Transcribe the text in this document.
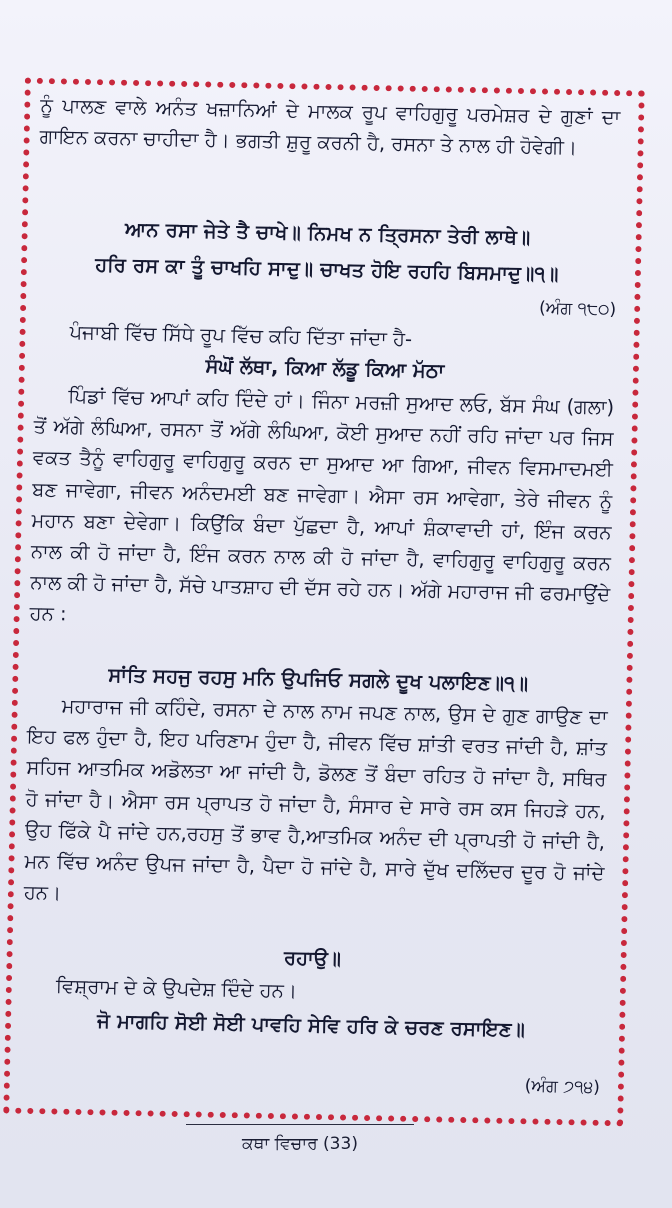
ਨੂੰ ਪਾਲਣ ਵਾਲੇ ਅਨੰਤ ਖਜ਼ਾਨਿਆਂ ਦੇ ਮਾਲਕ ਰੂਪ ਵਾਹਿਗੁਰੂ ਪਰਮੇਸ਼ਰ ਦੇ ਗੁਣਾਂ ਦਾ ਗਾਇਨ ਕਰਨਾ ਚਾਹੀਦਾ ਹੈ। ਭਗਤੀ ਸ਼ੁਰੂ ਕਰਨੀ ਹੈ, ਰਸਨਾ ਤੇ ਨਾਲ ਹੀ ਹੋਵੇਗੀ।

ਆਨ ਰਸਾ ਜੇਤੇ ਤੈ ਚਾਖੇ॥ ਨਿਮਖ ਨ ਤ੍ਰਿਸਨਾ ਤੇਰੀ ਲਾਥੇ॥

ਹਰਿ ਰਸ ਕਾ ਤੂੰ ਚਾਖਹਿ ਸਾਦੁ॥ ਚਾਖਤ ਹੋਇ ਰਹਹਿ ਬਿਸਮਾਦੁ॥੧॥

(ਅੰਗ ੧੮੦)

ਪੰਜਾਬੀ ਵਿੱਚ ਸਿੱਧੇ ਰੂਪ ਵਿੱਚ ਕਹਿ ਦਿੱਤਾ ਜਾਂਦਾ ਹੈ-

ਸੰਘੋਂ ਲੱਥਾ, ਕਿਆ ਲੱਡੂ ਕਿਆ ਮੱਠਾ

ਪਿੰਡਾਂ ਵਿੱਚ ਆਪਾਂ ਕਹਿ ਦਿੰਦੇ ਹਾਂ। ਜਿੰਨਾ ਮਰਜ਼ੀ ਸੁਆਦ ਲਓ, ਬੱਸ ਸੰਘ (ਗਲਾ) ਤੋਂ ਅੱਗੇ ਲੰਘਿਆ, ਰਸਨਾ ਤੋਂ ਅੱਗੇ ਲੰਘਿਆ, ਕੋਈ ਸੁਆਦ ਨਹੀਂ ਰਹਿ ਜਾਂਦਾ ਪਰ ਜਿਸ ਵਕਤ ਤੈਨੂੰ ਵਾਹਿਗੁਰੂ ਵਾਹਿਗੁਰੂ ਕਰਨ ਦਾ ਸੁਆਦ ਆ ਗਿਆ, ਜੀਵਨ ਵਿਸਮਾਦਮਈ ਬਣ ਜਾਵੇਗਾ, ਜੀਵਨ ਅਨੰਦਮਈ ਬਣ ਜਾਵੇਗਾ। ਐਸਾ ਰਸ ਆਵੇਗਾ, ਤੇਰੇ ਜੀਵਨ ਨੂੰ ਮਹਾਨ ਬਣਾ ਦੇਵੇਗਾ। ਕਿਉਂਕਿ ਬੰਦਾ ਪੁੱਛਦਾ ਹੈ, ਆਪਾਂ ਸ਼ੰਕਾਵਾਦੀ ਹਾਂ, ਇੰਜ ਕਰਨ ਨਾਲ ਕੀ ਹੋ ਜਾਂਦਾ ਹੈ, ਇੰਜ ਕਰਨ ਨਾਲ ਕੀ ਹੋ ਜਾਂਦਾ ਹੈ, ਵਾਹਿਗੁਰੂ ਵਾਹਿਗੁਰੂ ਕਰਨ ਨਾਲ ਕੀ ਹੋ ਜਾਂਦਾ ਹੈ, ਸੱਚੇ ਪਾਤਸ਼ਾਹ ਦੀ ਦੱਸ ਰਹੇ ਹਨ। ਅੱਗੇ ਮਹਾਰਾਜ ਜੀ ਫਰਮਾਉਂਦੇ ਹਨ :

ਸਾਂਤਿ ਸਹਜੁ ਰਹਸੁ ਮਨਿ ਉਪਜਿਓ ਸਗਲੇ ਦੂਖ ਪਲਾਇਣ॥੧॥

ਮਹਾਰਾਜ ਜੀ ਕਹਿੰਦੇ, ਰਸਨਾ ਦੇ ਨਾਲ ਨਾਮ ਜਪਣ ਨਾਲ, ਉਸ ਦੇ ਗੁਣ ਗਾਉਣ ਦਾ ਇਹ ਫਲ ਹੁੰਦਾ ਹੈ, ਇਹ ਪਰਿਣਾਮ ਹੁੰਦਾ ਹੈ, ਜੀਵਨ ਵਿੱਚ ਸ਼ਾਂਤੀ ਵਰਤ ਜਾਂਦੀ ਹੈ, ਸ਼ਾਂਤ ਸਹਿਜ ਆਤਮਿਕ ਅਡੋਲਤਾ ਆ ਜਾਂਦੀ ਹੈ, ਡੋਲਣ ਤੋਂ ਬੰਦਾ ਰਹਿਤ ਹੋ ਜਾਂਦਾ ਹੈ, ਸਥਿਰ ਹੋ ਜਾਂਦਾ ਹੈ। ਐਸਾ ਰਸ ਪ੍ਰਾਪਤ ਹੋ ਜਾਂਦਾ ਹੈ, ਸੰਸਾਰ ਦੇ ਸਾਰੇ ਰਸ ਕਸ ਜਿਹੜੇ ਹਨ, ਉਹ ਫਿੱਕੇ ਪੈ ਜਾਂਦੇ ਹਨ,ਰਹਸੁ ਤੋਂ ਭਾਵ ਹੈ,ਆਤਮਿਕ ਅਨੰਦ ਦੀ ਪ੍ਰਾਪਤੀ ਹੋ ਜਾਂਦੀ ਹੈ, ਮਨ ਵਿੱਚ ਅਨੰਦ ਉਪਜ ਜਾਂਦਾ ਹੈ, ਪੈਦਾ ਹੋ ਜਾਂਦੇ ਹੈ, ਸਾਰੇ ਦੁੱਖ ਦਲਿੱਦਰ ਦੂਰ ਹੋ ਜਾਂਦੇ ਹਨ।

ਰਹਾਉ॥

ਵਿਸ਼੍ਰਾਮ ਦੇ ਕੇ ਉਪਦੇਸ਼ ਦਿੰਦੇ ਹਨ।

ਜੋ ਮਾਗਹਿ ਸੋਈ ਸੋਈ ਪਾਵਹਿ ਸੇਵਿ ਹਰਿ ਕੇ ਚਰਣ ਰਸਾਇਣ॥

(ਅੰਗ ੭੧੪)

ਕਥਾ ਵਿਚਾਰ (33)
